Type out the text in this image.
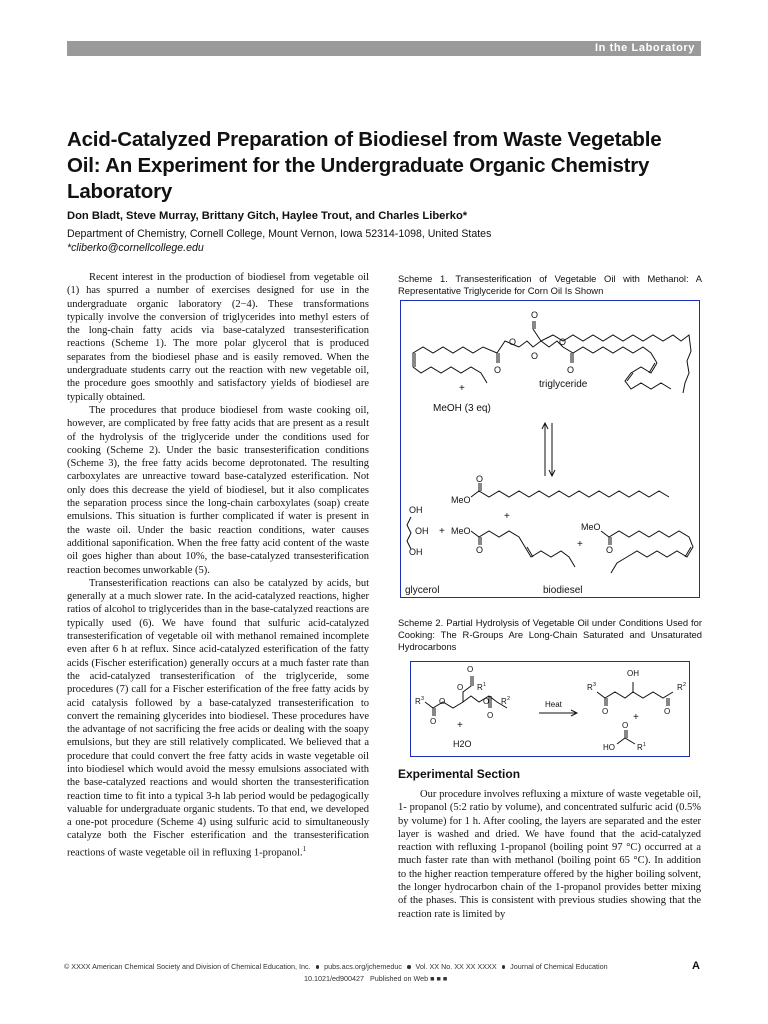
In the Laboratory
Acid-Catalyzed Preparation of Biodiesel from Waste Vegetable Oil: An Experiment for the Undergraduate Organic Chemistry Laboratory
Don Bladt, Steve Murray, Brittany Gitch, Haylee Trout, and Charles Liberko*
Department of Chemistry, Cornell College, Mount Vernon, Iowa 52314-1098, United States
*cliberko@cornellcollege.edu

Recent interest in the production of biodiesel from vegetable oil (1) has spurred a number of exercises designed for use in the undergraduate organic laboratory (2−4). These transformations typically involve the conversion of triglycerides into methyl esters of the long-chain fatty acids via base-catalyzed transesterification reactions (Scheme 1). The more polar glycerol that is produced separates from the biodiesel phase and is easily removed. When the undergraduate students carry out the reaction with new vegetable oil, the procedure goes smoothly and satisfactory yields of biodiesel are typically obtained.

The procedures that produce biodiesel from waste cooking oil, however, are complicated by free fatty acids that are present as a result of the hydrolysis of the triglyceride under the conditions used for cooking (Scheme 2). Under the basic transesterification conditions (Scheme 3), the free fatty acids become deprotonated. The resulting carboxylates are unreactive toward base-catalyzed esterification. Not only does this decrease the yield of biodiesel, but it also complicates the separation process since the long-chain carboxylates (soap) create emulsions. This situation is further complicated if water is present in the waste oil. Under the basic reaction conditions, water causes additional saponification. When the free fatty acid content of the waste oil goes higher than about 10%, the base-catalyzed transesterification reaction becomes unworkable (5).

Transesterification reactions can also be catalyzed by acids, but generally at a much slower rate. In the acid-catalyzed reactions, higher ratios of alcohol to triglycerides than in the base-catalyzed reactions are typically used (6). We have found that sulfuric acid-catalyzed transesterification of vegetable oil with methanol remained incomplete even after 6 h at reflux. Since acid-catalyzed esterification of the fatty acids (Fischer esterification) generally occurs at a much faster rate than the acid-catalyzed transesterification of the triglyceride, some procedures (7) call for a Fischer esterification of the free fatty acids by acid catalysis followed by a base-catalyzed transesterification to convert the remaining glycerides into biodiesel. These procedures have the advantage of not sacrificing the free acids or dealing with the soapy emulsions, but they are still relatively complicated. We believed that a procedure that could convert the free fatty acids in waste vegetable oil into biodiesel which would avoid the messy emulsions associated with the base-catalyzed reactions and would shorten the transesterification reaction time to fit into a typical 3-h lab period would be pedagogically valuable for undergraduate organic students. To that end, we developed a one-pot procedure (Scheme 4) using sulfuric acid to simultaneously catalyze both the Fischer esterification and the transesterification reactions of waste vegetable oil in refluxing 1-propanol.$^1$

Scheme 1. Transesterification of Vegetable Oil with Methanol: A Representative Triglyceride for Corn Oil Is Shown
O
O
O	O
O	O
+	triglyceride
MeOH (3 eq)
O
MeO
+
OH
OH
OH
+ MeO
O
MeO
+	O
glycerol	biodiesel
Scheme 2. Partial Hydrolysis of Vegetable Oil under Conditions Used for Cooking: The R-Groups Are Long-Chain Saturated and Unsaturated Hydrocarbons
O
O R 1
R 3 O	O R 2
O
O
+
H2O
Heat
OH
R 3	R 2
O	O
+
O
HO	R 1
Experimental Section

Our procedure involves refluxing a mixture of waste vegetable oil, 1- propanol (5:2 ratio by volume), and concentrated sulfuric acid (0.5% by volume) for 1 h. After cooling, the layers are separated and the ester layer is washed and dried. We have found that the acid-catalyzed reaction with refluxing 1-propanol (boiling point 97 °C) occurred at a much faster rate than with methanol (boiling point 65 °C). In addition to the higher reaction temperature offered by the higher boiling solvent, the longer hydrocarbon chain of the 1-propanol provides better mixing of the phases. This is consistent with previous studies showing that the reaction rate is limited by

© XXXX American Chemical Society and Division of Chemical Education, Inc. pubs.acs.org/jchemeduc Vol. XX No. XX XX XXXX Journal of Chemical Education
10.1021/ed900427 Published on Web ■ ■ ■
A
